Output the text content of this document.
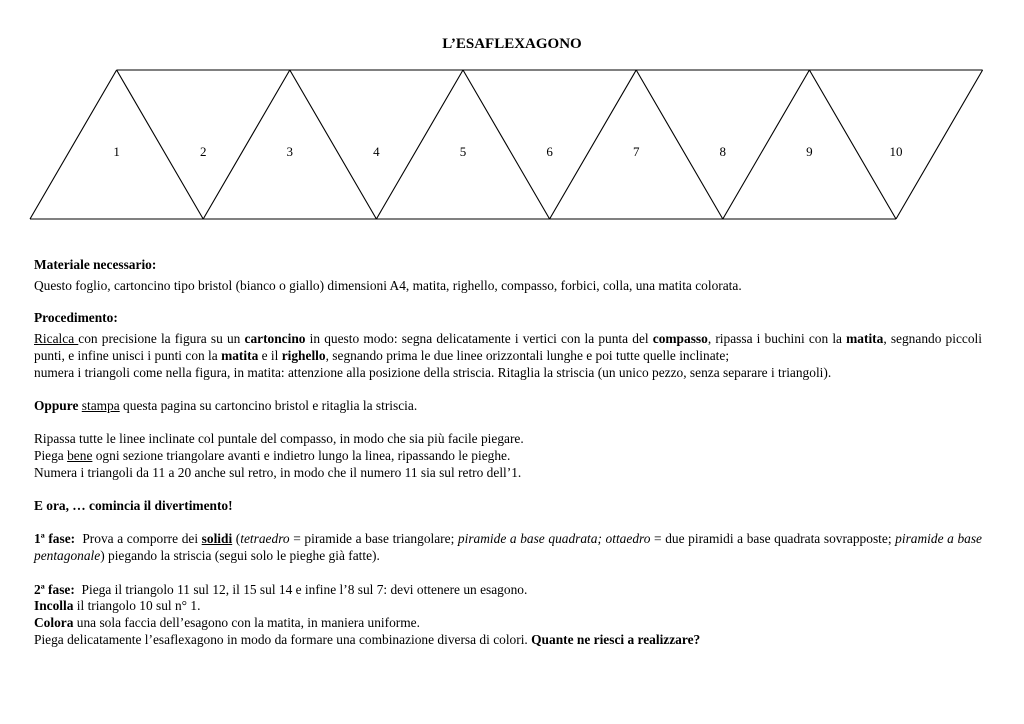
L’ESAFLEXAGONO
1	2	3	4	5	6	7	8	9	10

Materiale necessario:

Questo foglio, cartoncino tipo bristol (bianco o giallo) dimensioni A4, matita, righello, compasso, forbici, colla, una matita colorata.

Procedimento:

Ricalca con precisione la figura su un cartoncino in questo modo: segna delicatamente i vertici con la punta del compasso, ripassa i buchini con la matita, segnando piccoli punti, e infine unisci i punti con la matita e il righello, segnando prima le due linee orizzontali lunghe e poi tutte quelle inclinate;

numera i triangoli come nella figura, in matita: attenzione alla posizione della striscia. Ritaglia la striscia (un unico pezzo, senza separare i triangoli).

Oppure stampa questa pagina su cartoncino bristol e ritaglia la striscia.

Ripassa tutte le linee inclinate col puntale del compasso, in modo che sia più facile piegare.

Piega bene ogni sezione triangolare avanti e indietro lungo la linea, ripassando le pieghe.

Numera i triangoli da 11 a 20 anche sul retro, in modo che il numero 11 sia sul retro dell’1.

E ora, … comincia il divertimento!

1ª fase:  Prova a comporre dei solidi (tetraedro = piramide a base triangolare; piramide a base quadrata; ottaedro = due piramidi a base quadrata sovrapposte; piramide a base pentagonale) piegando la striscia (segui solo le pieghe già fatte).

2ª fase:  Piega il triangolo 11 sul 12, il 15 sul 14 e infine l’8 sul 7: devi ottenere un esagono.

Incolla il triangolo 10 sul n° 1.

Colora una sola faccia dell’esagono con la matita, in maniera uniforme.

Piega delicatamente l’esaflexagono in modo da formare una combinazione diversa di colori. Quante ne riesci a realizzare?
